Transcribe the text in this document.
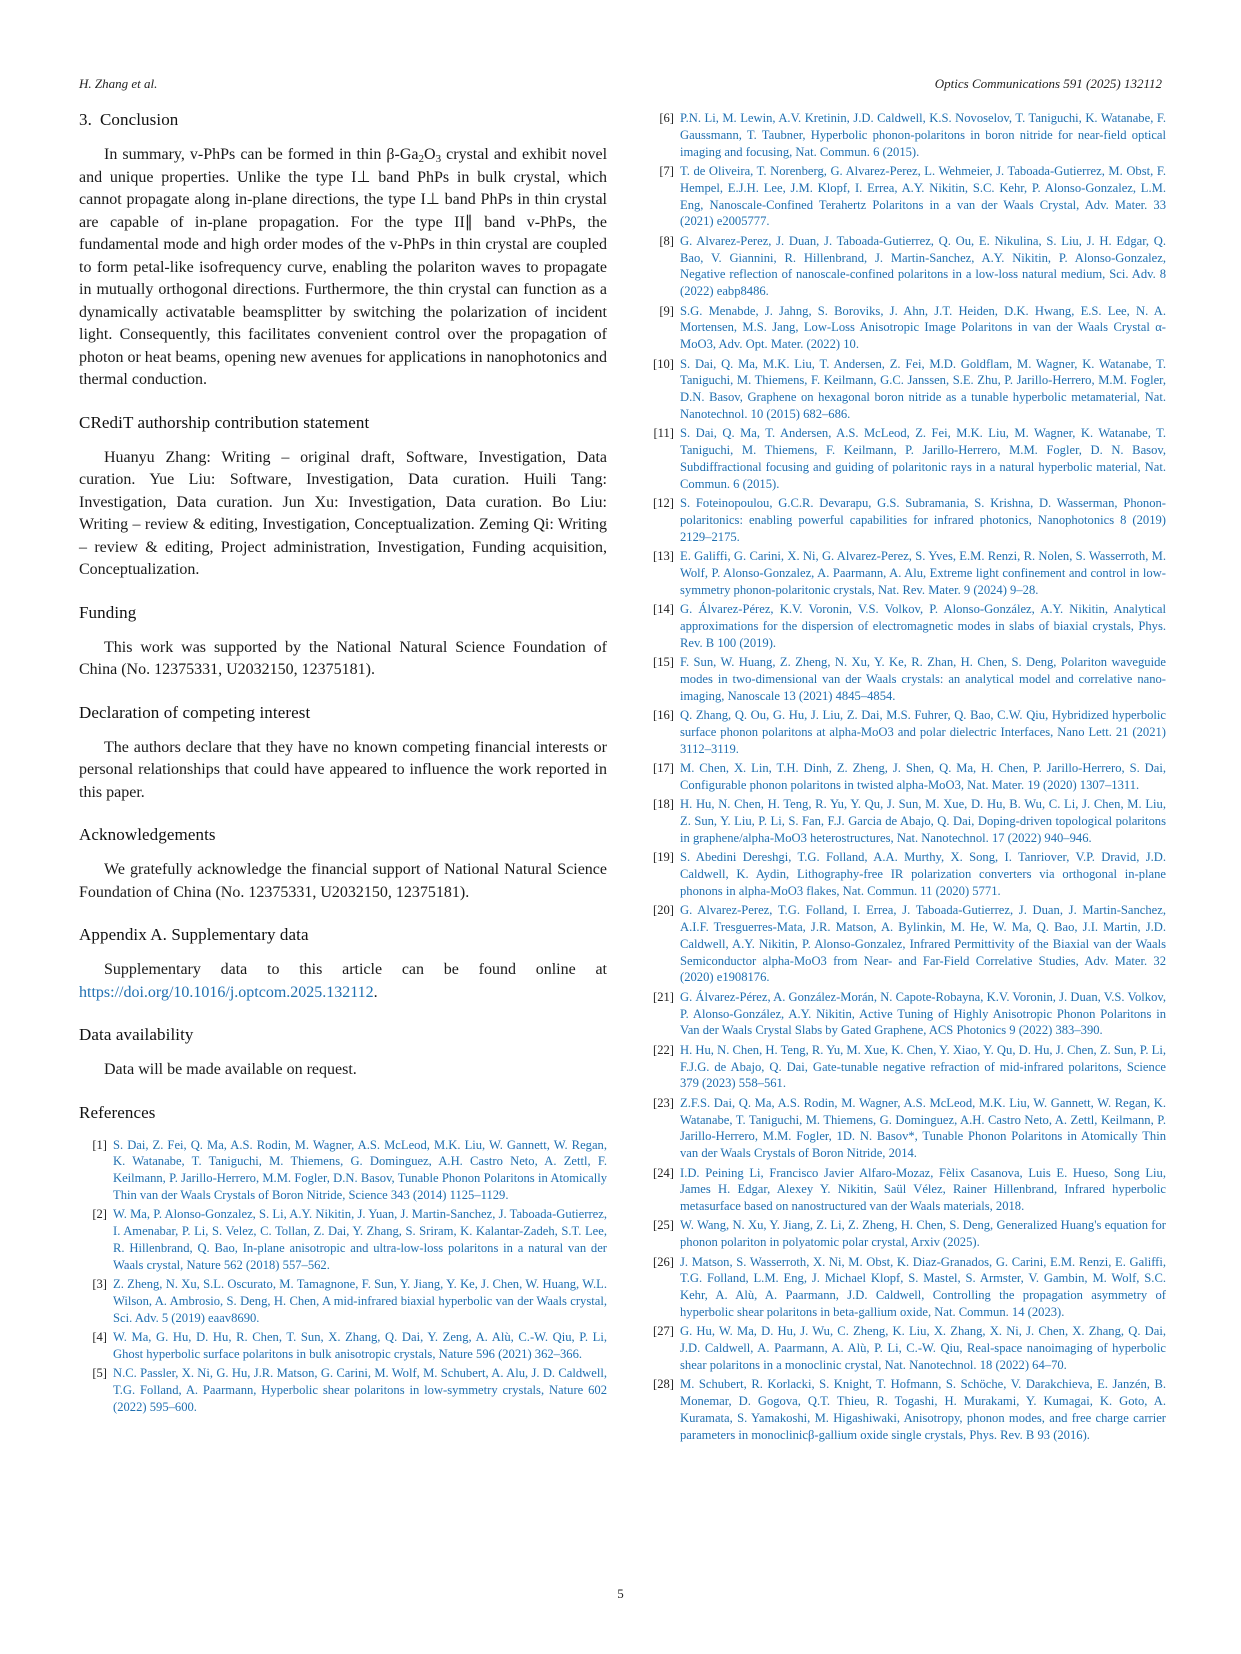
H. Zhang et al.	Optics Communications 591 (2025) 132112
3. Conclusion

In summary, v-PhPs can be formed in thin $\beta-Ga_2O_3$ crystal and exhibit novel and unique properties. Unlike the type I⊥ band PhPs in bulk crystal, which cannot propagate along in-plane directions, the type I⊥ band PhPs in thin crystal are capable of in-plane propagation. For the type II∥ band v-PhPs, the fundamental mode and high order modes of the v-PhPs in thin crystal are coupled to form petal-like isofrequency curve, enabling the polariton waves to propagate in mutually orthogonal directions. Furthermore, the thin crystal can function as a dynamically activatable beamsplitter by switching the polarization of incident light. Consequently, this facilitates convenient control over the propagation of photon or heat beams, opening new avenues for applications in nanophotonics and thermal conduction.

CRediT authorship contribution statement

Huanyu Zhang: Writing – original draft, Software, Investigation, Data curation. Yue Liu: Software, Investigation, Data curation. Huili Tang: Investigation, Data curation. Jun Xu: Investigation, Data curation. Bo Liu: Writing – review & editing, Investigation, Conceptualization. Zeming Qi: Writing – review & editing, Project administration, Investigation, Funding acquisition, Conceptualization.

Funding

This work was supported by the National Natural Science Foundation of China (No. 12375331, U2032150, 12375181).

Declaration of competing interest

The authors declare that they have no known competing financial interests or personal relationships that could have appeared to influence the work reported in this paper.

Acknowledgements

We gratefully acknowledge the financial support of National Natural Science Foundation of China (No. 12375331, U2032150, 12375181).

Appendix A. Supplementary data

Supplementary data to this article can be found online at https://doi.org/10.1016/j.optcom.2025.132112.

Data availability

Data will be made available on request.

References
[1] S. Dai, Z. Fei, Q. Ma, A.S. Rodin, M. Wagner, A.S. McLeod, M.K. Liu, W. Gannett, W. Regan, K. Watanabe, T. Taniguchi, M. Thiemens, G. Dominguez, A.H. Castro Neto, A. Zettl, F. Keilmann, P. Jarillo-Herrero, M.M. Fogler, D.N. Basov, Tunable Phonon Polaritons in Atomically Thin van der Waals Crystals of Boron Nitride, Science 343 (2014) 1125–1129.
[2] W. Ma, P. Alonso-Gonzalez, S. Li, A.Y. Nikitin, J. Yuan, J. Martin-Sanchez, J. Taboada-Gutierrez, I. Amenabar, P. Li, S. Velez, C. Tollan, Z. Dai, Y. Zhang, S. Sriram, K. Kalantar-Zadeh, S.T. Lee, R. Hillenbrand, Q. Bao, In-plane anisotropic and ultra-low-loss polaritons in a natural van der Waals crystal, Nature 562 (2018) 557–562.
[3] Z. Zheng, N. Xu, S.L. Oscurato, M. Tamagnone, F. Sun, Y. Jiang, Y. Ke, J. Chen, W. Huang, W.L. Wilson, A. Ambrosio, S. Deng, H. Chen, A mid-infrared biaxial hyperbolic van der Waals crystal, Sci. Adv. 5 (2019) eaav8690.
[4] W. Ma, G. Hu, D. Hu, R. Chen, T. Sun, X. Zhang, Q. Dai, Y. Zeng, A. Alù, C.-W. Qiu, P. Li, Ghost hyperbolic surface polaritons in bulk anisotropic crystals, Nature 596 (2021) 362–366.
[5] N.C. Passler, X. Ni, G. Hu, J.R. Matson, G. Carini, M. Wolf, M. Schubert, A. Alu, J. D. Caldwell, T.G. Folland, A. Paarmann, Hyperbolic shear polaritons in low-symmetry crystals, Nature 602 (2022) 595–600.
[6] P.N. Li, M. Lewin, A.V. Kretinin, J.D. Caldwell, K.S. Novoselov, T. Taniguchi, K. Watanabe, F. Gaussmann, T. Taubner, Hyperbolic phonon-polaritons in boron nitride for near-field optical imaging and focusing, Nat. Commun. 6 (2015).
[7] T. de Oliveira, T. Norenberg, G. Alvarez-Perez, L. Wehmeier, J. Taboada-Gutierrez, M. Obst, F. Hempel, E.J.H. Lee, J.M. Klopf, I. Errea, A.Y. Nikitin, S.C. Kehr, P. Alonso-Gonzalez, L.M. Eng, Nanoscale-Confined Terahertz Polaritons in a van der Waals Crystal, Adv. Mater. 33 (2021) e2005777.
[8] G. Alvarez-Perez, J. Duan, J. Taboada-Gutierrez, Q. Ou, E. Nikulina, S. Liu, J. H. Edgar, Q. Bao, V. Giannini, R. Hillenbrand, J. Martin-Sanchez, A.Y. Nikitin, P. Alonso-Gonzalez, Negative reflection of nanoscale-confined polaritons in a low-loss natural medium, Sci. Adv. 8 (2022) eabp8486.
[9] S.G. Menabde, J. Jahng, S. Boroviks, J. Ahn, J.T. Heiden, D.K. Hwang, E.S. Lee, N. A. Mortensen, M.S. Jang, Low-Loss Anisotropic Image Polaritons in van der Waals Crystal α-MoO3, Adv. Opt. Mater. (2022) 10.
[10] S. Dai, Q. Ma, M.K. Liu, T. Andersen, Z. Fei, M.D. Goldflam, M. Wagner, K. Watanabe, T. Taniguchi, M. Thiemens, F. Keilmann, G.C. Janssen, S.E. Zhu, P. Jarillo-Herrero, M.M. Fogler, D.N. Basov, Graphene on hexagonal boron nitride as a tunable hyperbolic metamaterial, Nat. Nanotechnol. 10 (2015) 682–686.
[11] S. Dai, Q. Ma, T. Andersen, A.S. McLeod, Z. Fei, M.K. Liu, M. Wagner, K. Watanabe, T. Taniguchi, M. Thiemens, F. Keilmann, P. Jarillo-Herrero, M.M. Fogler, D. N. Basov, Subdiffractional focusing and guiding of polaritonic rays in a natural hyperbolic material, Nat. Commun. 6 (2015).
[12] S. Foteinopoulou, G.C.R. Devarapu, G.S. Subramania, S. Krishna, D. Wasserman, Phonon-polaritonics: enabling powerful capabilities for infrared photonics, Nanophotonics 8 (2019) 2129–2175.
[13] E. Galiffi, G. Carini, X. Ni, G. Alvarez-Perez, S. Yves, E.M. Renzi, R. Nolen, S. Wasserroth, M. Wolf, P. Alonso-Gonzalez, A. Paarmann, A. Alu, Extreme light confinement and control in low-symmetry phonon-polaritonic crystals, Nat. Rev. Mater. 9 (2024) 9–28.
[14] G. Álvarez-Pérez, K.V. Voronin, V.S. Volkov, P. Alonso-González, A.Y. Nikitin, Analytical approximations for the dispersion of electromagnetic modes in slabs of biaxial crystals, Phys. Rev. B 100 (2019).
[15] F. Sun, W. Huang, Z. Zheng, N. Xu, Y. Ke, R. Zhan, H. Chen, S. Deng, Polariton waveguide modes in two-dimensional van der Waals crystals: an analytical model and correlative nano-imaging, Nanoscale 13 (2021) 4845–4854.
[16] Q. Zhang, Q. Ou, G. Hu, J. Liu, Z. Dai, M.S. Fuhrer, Q. Bao, C.W. Qiu, Hybridized hyperbolic surface phonon polaritons at alpha-MoO3 and polar dielectric Interfaces, Nano Lett. 21 (2021) 3112–3119.
[17] M. Chen, X. Lin, T.H. Dinh, Z. Zheng, J. Shen, Q. Ma, H. Chen, P. Jarillo-Herrero, S. Dai, Configurable phonon polaritons in twisted alpha-MoO3, Nat. Mater. 19 (2020) 1307–1311.
[18] H. Hu, N. Chen, H. Teng, R. Yu, Y. Qu, J. Sun, M. Xue, D. Hu, B. Wu, C. Li, J. Chen, M. Liu, Z. Sun, Y. Liu, P. Li, S. Fan, F.J. Garcia de Abajo, Q. Dai, Doping-driven topological polaritons in graphene/alpha-MoO3 heterostructures, Nat. Nanotechnol. 17 (2022) 940–946.
[19] S. Abedini Dereshgi, T.G. Folland, A.A. Murthy, X. Song, I. Tanriover, V.P. Dravid, J.D. Caldwell, K. Aydin, Lithography-free IR polarization converters via orthogonal in-plane phonons in alpha-MoO3 flakes, Nat. Commun. 11 (2020) 5771.
[20] G. Alvarez-Perez, T.G. Folland, I. Errea, J. Taboada-Gutierrez, J. Duan, J. Martin-Sanchez, A.I.F. Tresguerres-Mata, J.R. Matson, A. Bylinkin, M. He, W. Ma, Q. Bao, J.I. Martin, J.D. Caldwell, A.Y. Nikitin, P. Alonso-Gonzalez, Infrared Permittivity of the Biaxial van der Waals Semiconductor alpha-MoO3 from Near- and Far-Field Correlative Studies, Adv. Mater. 32 (2020) e1908176.
[21] G. Álvarez-Pérez, A. González-Morán, N. Capote-Robayna, K.V. Voronin, J. Duan, V.S. Volkov, P. Alonso-González, A.Y. Nikitin, Active Tuning of Highly Anisotropic Phonon Polaritons in Van der Waals Crystal Slabs by Gated Graphene, ACS Photonics 9 (2022) 383–390.
[22] H. Hu, N. Chen, H. Teng, R. Yu, M. Xue, K. Chen, Y. Xiao, Y. Qu, D. Hu, J. Chen, Z. Sun, P. Li, F.J.G. de Abajo, Q. Dai, Gate-tunable negative refraction of mid-infrared polaritons, Science 379 (2023) 558–561.
[23] Z.F.S. Dai, Q. Ma, A.S. Rodin, M. Wagner, A.S. McLeod, M.K. Liu, W. Gannett, W. Regan, K. Watanabe, T. Taniguchi, M. Thiemens, G. Dominguez, A.H. Castro Neto, A. Zettl, Keilmann, P. Jarillo-Herrero, M.M. Fogler, 1D. N. Basov*, Tunable Phonon Polaritons in Atomically Thin van der Waals Crystals of Boron Nitride, 2014.
[24] I.D. Peining Li, Francisco Javier Alfaro-Mozaz, Fèlix Casanova, Luis E. Hueso, Song Liu, James H. Edgar, Alexey Y. Nikitin, Saül Vélez, Rainer Hillenbrand, Infrared hyperbolic metasurface based on nanostructured van der Waals materials, 2018.
[25] W. Wang, N. Xu, Y. Jiang, Z. Li, Z. Zheng, H. Chen, S. Deng, Generalized Huang's equation for phonon polariton in polyatomic polar crystal, Arxiv (2025).
[26] J. Matson, S. Wasserroth, X. Ni, M. Obst, K. Diaz-Granados, G. Carini, E.M. Renzi, E. Galiffi, T.G. Folland, L.M. Eng, J. Michael Klopf, S. Mastel, S. Armster, V. Gambin, M. Wolf, S.C. Kehr, A. Alù, A. Paarmann, J.D. Caldwell, Controlling the propagation asymmetry of hyperbolic shear polaritons in beta-gallium oxide, Nat. Commun. 14 (2023).
[27] G. Hu, W. Ma, D. Hu, J. Wu, C. Zheng, K. Liu, X. Zhang, X. Ni, J. Chen, X. Zhang, Q. Dai, J.D. Caldwell, A. Paarmann, A. Alù, P. Li, C.-W. Qiu, Real-space nanoimaging of hyperbolic shear polaritons in a monoclinic crystal, Nat. Nanotechnol. 18 (2022) 64–70.
[28] M. Schubert, R. Korlacki, S. Knight, T. Hofmann, S. Schöche, V. Darakchieva, E. Janzén, B. Monemar, D. Gogova, Q.T. Thieu, R. Togashi, H. Murakami, Y. Kumagai, K. Goto, A. Kuramata, S. Yamakoshi, M. Higashiwaki, Anisotropy, phonon modes, and free charge carrier parameters in monoclinicβ-gallium oxide single crystals, Phys. Rev. B 93 (2016).
5
